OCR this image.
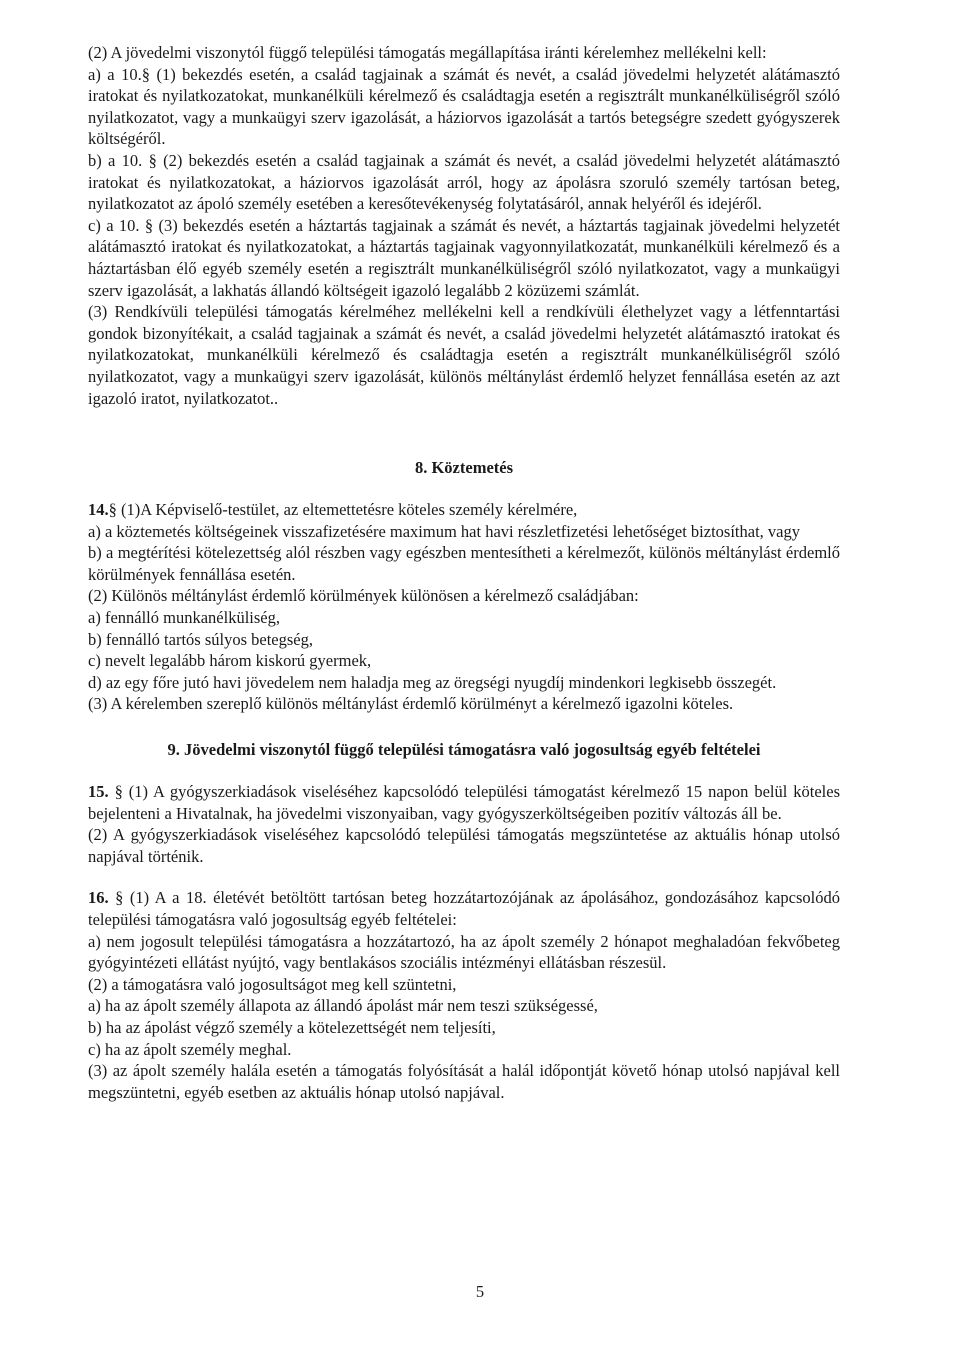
(2) A jövedelmi viszonytól függő települési támogatás megállapítása iránti kérelemhez mellékelni kell:

a) a 10.§ (1) bekezdés esetén, a család tagjainak a számát és nevét, a család jövedelmi helyzetét alátámasztó iratokat és nyilatkozatokat, munkanélküli kérelmező és családtagja esetén a regisztrált munkanélküliségről szóló nyilatkozatot, vagy a munkaügyi szerv igazolását, a háziorvos igazolását a tartós betegségre szedett gyógyszerek költségéről.

b) a 10. § (2) bekezdés esetén a család tagjainak a számát és nevét, a család jövedelmi helyzetét alátámasztó iratokat és nyilatkozatokat, a háziorvos igazolását arról, hogy az ápolásra szoruló személy tartósan beteg, nyilatkozatot az ápoló személy esetében a keresőtevékenység folytatásáról, annak helyéről és idejéről.

c) a 10. § (3) bekezdés esetén a háztartás tagjainak a számát és nevét, a háztartás tagjainak jövedelmi helyzetét alátámasztó iratokat és nyilatkozatokat, a háztartás tagjainak vagyonnyilatkozatát, munkanélküli kérelmező és a háztartásban élő egyéb személy esetén a regisztrált munkanélküliségről szóló nyilatkozatot, vagy a munkaügyi szerv igazolását, a lakhatás állandó költségeit igazoló legalább 2 közüzemi számlát.

(3) Rendkívüli települési támogatás kérelméhez mellékelni kell a rendkívüli élethelyzet vagy a létfenntartási gondok bizonyítékait, a család tagjainak a számát és nevét, a család jövedelmi helyzetét alátámasztó iratokat és nyilatkozatokat, munkanélküli kérelmező és családtagja esetén a regisztrált munkanélküliségről szóló nyilatkozatot, vagy a munkaügyi szerv igazolását, különös méltánylást érdemlő helyzet fennállása esetén az azt igazoló iratot, nyilatkozatot..

8. Köztemetés

14.§ (1)A Képviselő-testület, az eltemettetésre köteles személy kérelmére,

a) a köztemetés költségeinek visszafizetésére maximum hat havi részletfizetési lehetőséget biztosíthat, vagy

b) a megtérítési kötelezettség alól részben vagy egészben mentesítheti a kérelmezőt, különös méltánylást érdemlő körülmények fennállása esetén.

(2) Különös méltánylást érdemlő körülmények különösen a kérelmező családjában:

a) fennálló munkanélküliség,

b) fennálló tartós súlyos betegség,

c) nevelt legalább három kiskorú gyermek,

d) az egy főre jutó havi jövedelem nem haladja meg az öregségi nyugdíj mindenkori legkisebb összegét.

(3) A kérelemben szereplő különös méltánylást érdemlő körülményt a kérelmező igazolni köteles.

9. Jövedelmi viszonytól függő települési támogatásra való jogosultság egyéb feltételei

15. § (1) A gyógyszerkiadások viseléséhez kapcsolódó települési támogatást kérelmező 15 napon belül köteles bejelenteni a Hivatalnak, ha jövedelmi viszonyaiban, vagy gyógyszerköltségeiben pozitív változás áll be.

(2) A gyógyszerkiadások viseléséhez kapcsolódó települési támogatás megszüntetése az aktuális hónap utolsó napjával történik.

16. § (1) A a 18. életévét betöltött tartósan beteg hozzátartozójának az ápolásához, gondozásához kapcsolódó települési támogatásra való jogosultság egyéb feltételei:

a) nem jogosult települési támogatásra a hozzátartozó, ha az ápolt személy 2 hónapot meghaladóan fekvőbeteg gyógyintézeti ellátást nyújtó, vagy bentlakásos szociális intézményi ellátásban részesül.

(2) a támogatásra való jogosultságot meg kell szüntetni,

a) ha az ápolt személy állapota az állandó ápolást már nem teszi szükségessé,

b) ha az ápolást végző személy a kötelezettségét nem teljesíti,

c) ha az ápolt személy meghal.

(3) az ápolt személy halála esetén a támogatás folyósítását a halál időpontját követő hónap utolsó napjával kell megszüntetni, egyéb esetben az aktuális hónap utolsó napjával.

5
